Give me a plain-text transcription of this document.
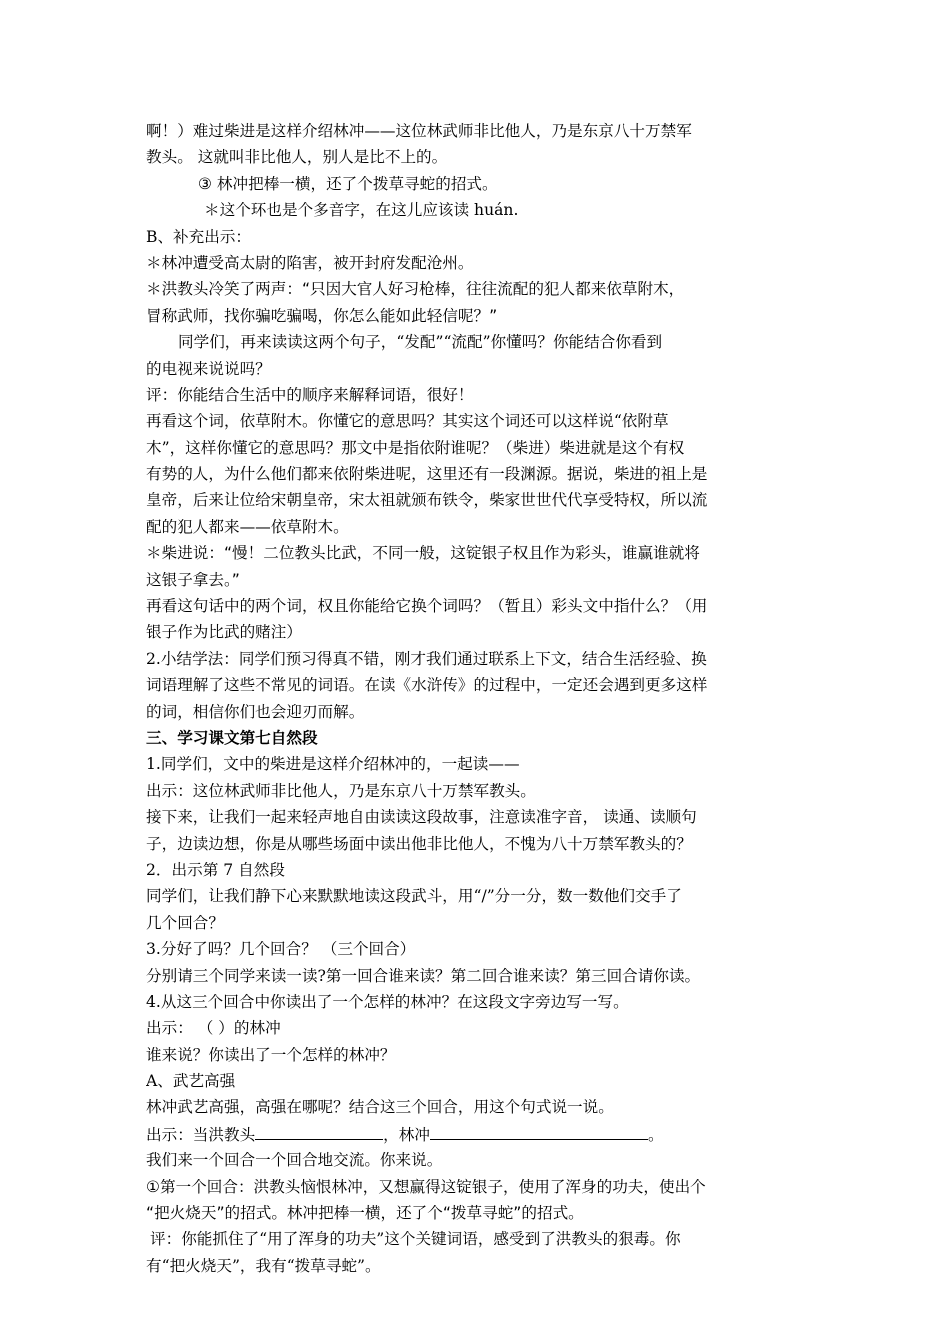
啊！）难过柴进是这样介绍林冲——这位林武师非比他人，乃是东京八十万禁军
教头。 这就叫非比他人，别人是比不上的。
③ 林冲把棒一横，还了个拨草寻蛇的招式。
＊这个环也是个多音字，在这儿应该读 huán.
B、补充出示：
＊林冲遭受高太尉的陷害，被开封府发配沧州。
＊洪教头冷笑了两声：“只因大官人好习枪棒，往往流配的犯人都来依草附木，
冒称武师，找你骗吃骗喝，你怎么能如此轻信呢？”
同学们，再来读读这两个句子，“发配”“流配”你懂吗？你能结合你看到
的电视来说说吗？
评：你能结合生活中的顺序来解释词语，很好！
再看这个词，依草附木。你懂它的意思吗？其实这个词还可以这样说“依附草
木”，这样你懂它的意思吗？那文中是指依附谁呢？（柴进）柴进就是这个有权
有势的人，为什么他们都来依附柴进呢，这里还有一段渊源。据说，柴进的祖上是
皇帝，后来让位给宋朝皇帝，宋太祖就颁布铁令，柴家世世代代享受特权，所以流
配的犯人都来——依草附木。
＊柴进说：“慢！二位教头比武，不同一般，这锭银子权且作为彩头，谁赢谁就将
这银子拿去。”
再看这句话中的两个词，权且你能给它换个词吗？（暂且）彩头文中指什么？（用
银子作为比武的赌注）
2.小结学法：同学们预习得真不错，刚才我们通过联系上下文，结合生活经验、换
词语理解了这些不常见的词语。在读《水浒传》的过程中，一定还会遇到更多这样
的词，相信你们也会迎刃而解。
三、学习课文第七自然段
1.同学们，文中的柴进是这样介绍林冲的，一起读——
出示：这位林武师非比他人，乃是东京八十万禁军教头。
接下来，让我们一起来轻声地自由读读这段故事，注意读准字音， 读通、读顺句
子，边读边想，你是从哪些场面中读出他非比他人，不愧为八十万禁军教头的？
2．出示第 7 自然段
同学们，让我们静下心来默默地读这段武斗，用“/”分一分，数一数他们交手了
几个回合？
3.分好了吗？几个回合？ （三个回合）
分别请三个同学来读一读?第一回合谁来读？第二回合谁来读？第三回合请你读。
4.从这三个回合中你读出了一个怎样的林冲？在这段文字旁边写一写。
出示： （ ）的林冲
谁来说？你读出了一个怎样的林冲？
A、武艺高强
林冲武艺高强，高强在哪呢？结合这三个回合，用这个句式说一说。
出示：当洪教头	，林冲	。
我们来一个回合一个回合地交流。你来说。
①第一个回合：洪教头恼恨林冲，又想赢得这锭银子，使用了浑身的功夫，使出个
“把火烧天”的招式。林冲把棒一横，还了个“拨草寻蛇”的招式。
评：你能抓住了“用了浑身的功夫”这个关键词语，感受到了洪教头的狠毒。你
有“把火烧天”，我有“拨草寻蛇”。
